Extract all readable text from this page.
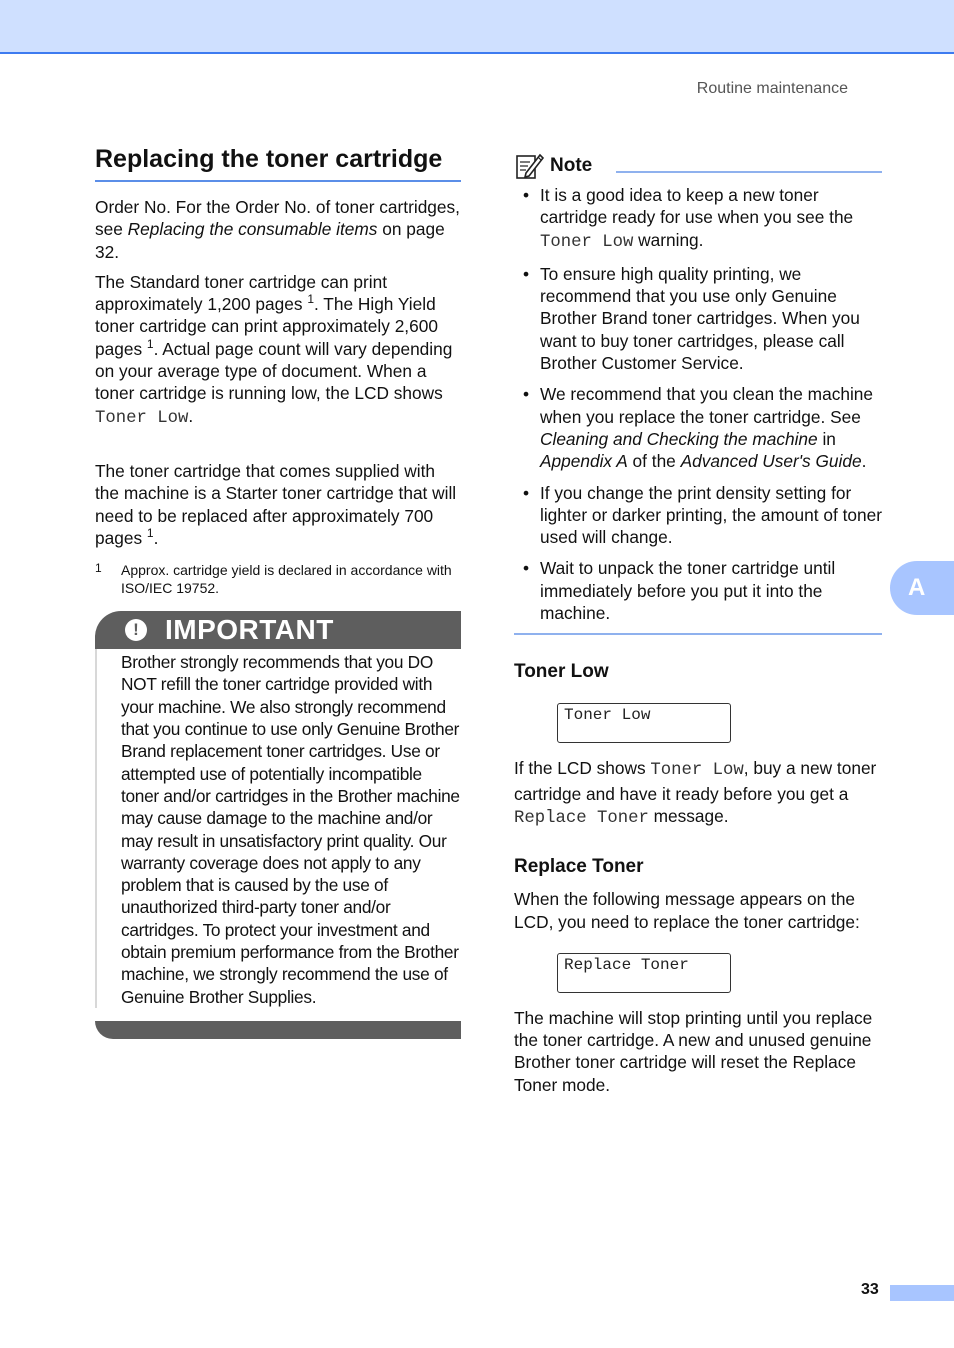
Routine maintenance
Replacing the toner cartridge

Order No. For the Order No. of toner cartridges, see Replacing the consumable items on page 32.

The Standard toner cartridge can print approximately 1,200 pages $^1$. The High Yield toner cartridge can print approximately 2,600 pages $^1$. Actual page count will vary depending on your average type of document. When a toner cartridge is running low, the LCD shows Toner Low.

The toner cartridge that comes supplied with the machine is a Starter toner cartridge that will need to be replaced after approximately 700 pages $^1$.

1	Approx. cartridge yield is declared in accordance with ISO/IEC 19752.
! IMPORTANT
Brother strongly recommends that you DO NOT refill the toner cartridge provided with your machine. We also strongly recommend that you continue to use only Genuine Brother Brand replacement toner cartridges. Use or attempted use of potentially incompatible toner and/or cartridges in the Brother machine may cause damage to the machine and/or may result in unsatisfactory print quality. Our warranty coverage does not apply to any problem that is caused by the use of unauthorized third-party toner and/or cartridges. To protect your investment and obtain premium performance from the Brother machine, we strongly recommend the use of Genuine Brother Supplies.
Note
• It is a good idea to keep a new toner cartridge ready for use when you see the Toner Low warning.
• To ensure high quality printing, we recommend that you use only Genuine Brother Brand toner cartridges. When you want to buy toner cartridges, please call Brother Customer Service.
• We recommend that you clean the machine when you replace the toner cartridge. See Cleaning and Checking the machine in Appendix A of the Advanced User's Guide.
• If you change the print density setting for lighter or darker printing, the amount of toner used will change.
• Wait to unpack the toner cartridge until immediately before you put it into the machine.
Toner Low
Toner Low

If the LCD shows Toner Low, buy a new toner cartridge and have it ready before you get a Replace Toner message.

Replace Toner

When the following message appears on the LCD, you need to replace the toner cartridge:

Replace Toner

The machine will stop printing until you replace the toner cartridge. A new and unused genuine Brother toner cartridge will reset the Replace Toner mode.

A
33
